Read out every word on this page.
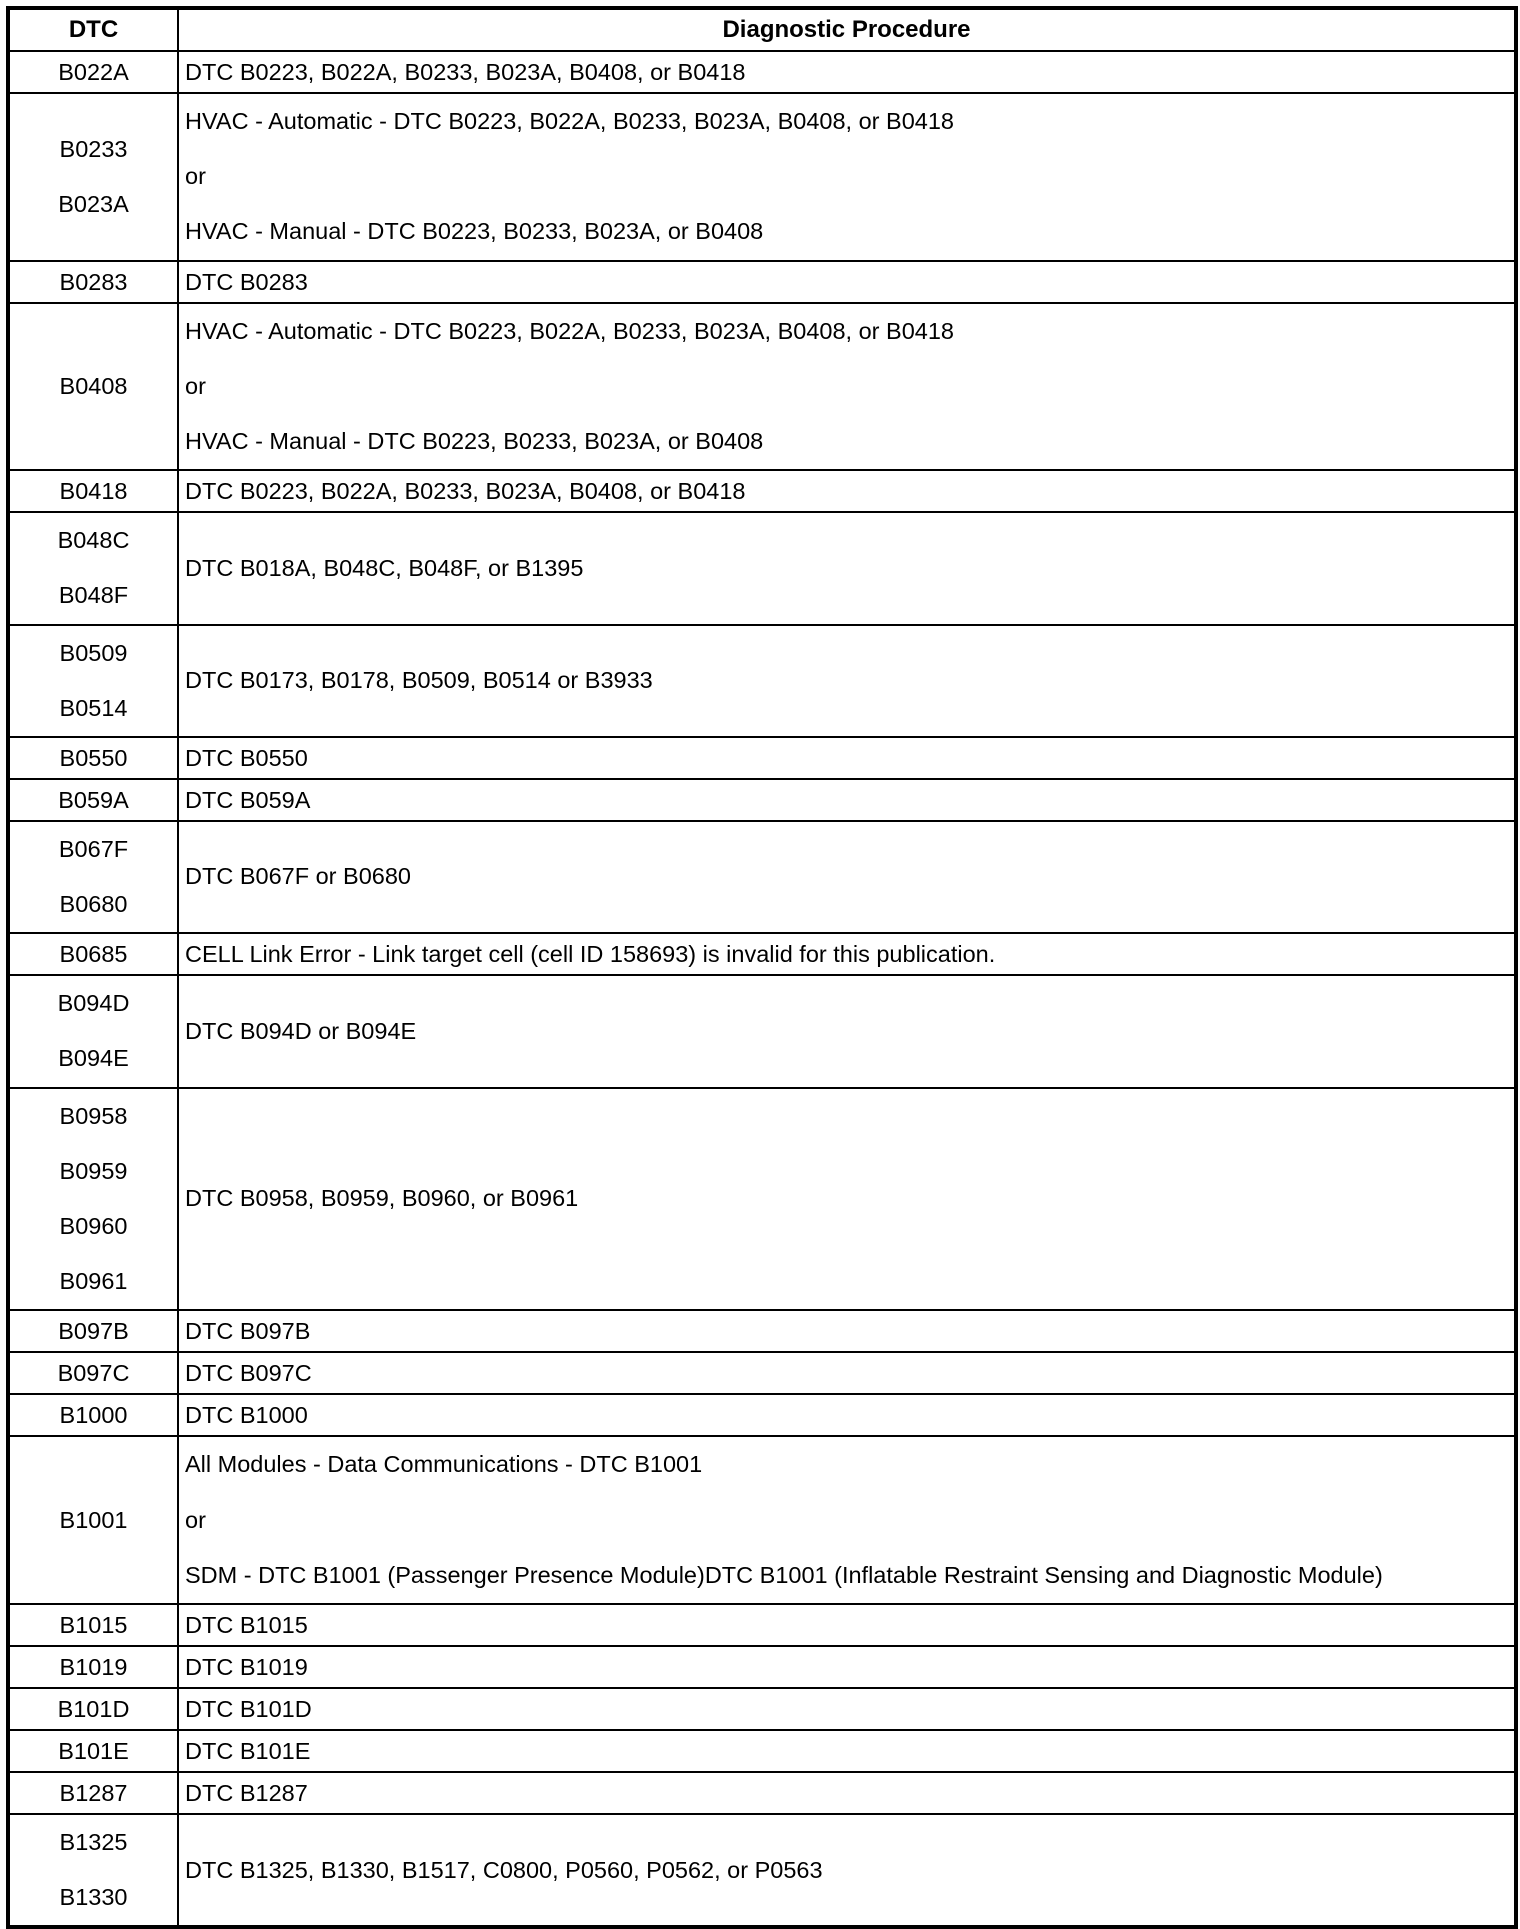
DTC	Diagnostic Procedure

B022A	DTC B0223, B022A, B0233, B023A, B0408, or B0418

B0233
B023A	HVAC - Automatic - DTC B0223, B022A, B0233, B023A, B0408, or B0418
or
HVAC - Manual - DTC B0223, B0233, B023A, or B0408

B0283	DTC B0283

B0408	HVAC - Automatic - DTC B0223, B022A, B0233, B023A, B0408, or B0418
or
HVAC - Manual - DTC B0223, B0233, B023A, or B0408

B0418	DTC B0223, B022A, B0233, B023A, B0408, or B0418

B048C
B048F	DTC B018A, B048C, B048F, or B1395

B0509
B0514	DTC B0173, B0178, B0509, B0514 or B3933

B0550	DTC B0550

B059A	DTC B059A

B067F
B0680	DTC B067F or B0680

B0685	CELL Link Error - Link target cell (cell ID 158693) is invalid for this publication.

B094D
B094E	DTC B094D or B094E

B0958
B0959
B0960
B0961	DTC B0958, B0959, B0960, or B0961

B097B	DTC B097B

B097C	DTC B097C

B1000	DTC B1000

B1001	All Modules - Data Communications - DTC B1001
or
SDM - DTC B1001 (Passenger Presence Module)DTC B1001 (Inflatable Restraint Sensing and Diagnostic Module)

B1015	DTC B1015

B1019	DTC B1019

B101D	DTC B101D

B101E	DTC B101E

B1287	DTC B1287

B1325
B1330	DTC B1325, B1330, B1517, C0800, P0560, P0562, or P0563
